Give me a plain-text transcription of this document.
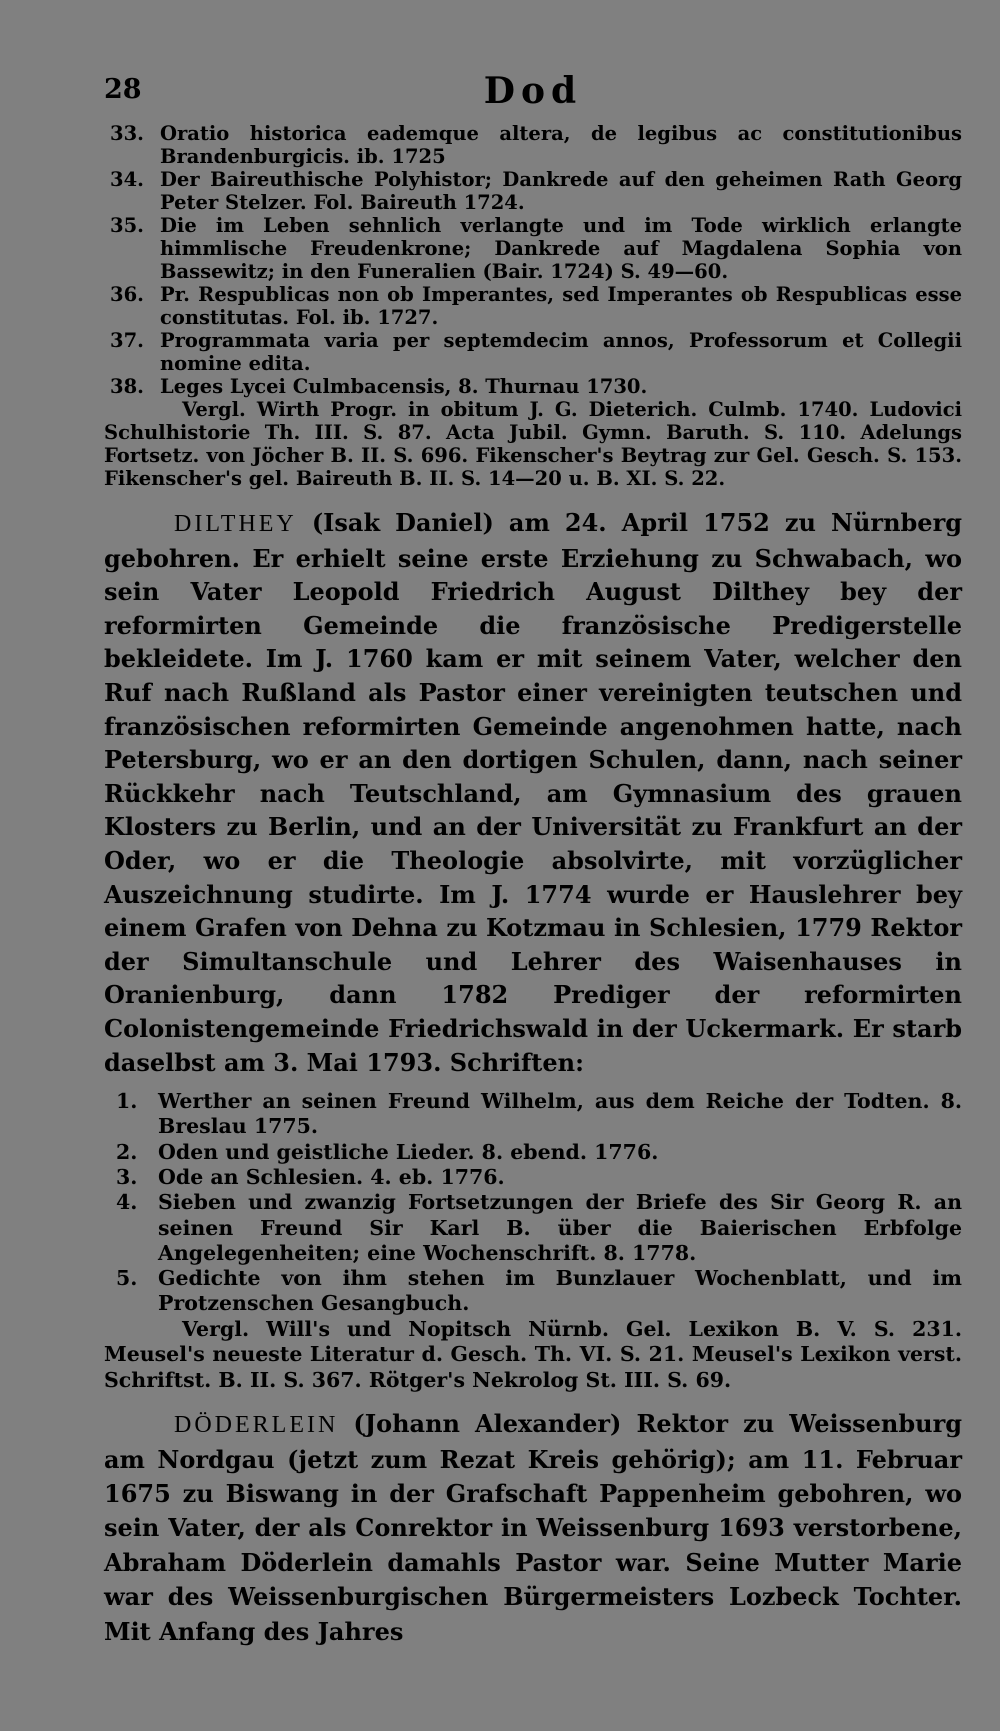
28	Dod
33. Oratio historica eademque altera, de legibus ac constitutionibus Brandenburgicis. ib. 1725
34. Der Baireuthische Polyhistor; Dankrede auf den geheimen Rath Georg Peter Stelzer. Fol. Baireuth 1724.
35. Die im Leben sehnlich verlangte und im Tode wirklich erlangte himmlische Freudenkrone; Dankrede auf Magdalena Sophia von Bassewitz; in den Funeralien (Bair. 1724) S. 49—60.
36. Pr. Respublicas non ob Imperantes, sed Imperantes ob Respublicas esse constitutas. Fol. ib. 1727.
37. Programmata varia per septemdecim annos, Professorum et Collegii nomine edita.
38. Leges Lycei Culmbacensis, 8. Thurnau 1730.

Vergl. Wirth Progr. in obitum J. G. Dieterich. Culmb. 1740. Ludovici Schulhistorie Th. III. S. 87. Acta Jubil. Gymn. Baruth. S. 110. Adelungs Fortsetz. von Jöcher B. II. S. 696. Fikenscher's Beytrag zur Gel. Gesch. S. 153. Fikenscher's gel. Baireuth B. II. S. 14—20 u. B. XI. S. 22.

DILTHEY (Isak Daniel) am 24. April 1752 zu Nürnberg gebohren. Er erhielt seine erste Erziehung zu Schwabach, wo sein Vater Leopold Friedrich August Dilthey bey der reformirten Gemeinde die französische Predigerstelle bekleidete. Im J. 1760 kam er mit seinem Vater, welcher den Ruf nach Rußland als Pastor einer vereinigten teutschen und französischen reformirten Gemeinde angenohmen hatte, nach Petersburg, wo er an den dortigen Schulen, dann, nach seiner Rückkehr nach Teutschland, am Gymnasium des grauen Klosters zu Berlin, und an der Universität zu Frankfurt an der Oder, wo er die Theologie absolvirte, mit vorzüglicher Auszeichnung studirte. Im J. 1774 wurde er Hauslehrer bey einem Grafen von Dehna zu Kotzmau in Schlesien, 1779 Rektor der Simultanschule und Lehrer des Waisenhauses in Oranienburg, dann 1782 Prediger der reformirten Colonistengemeinde Friedrichswald in der Uckermark. Er starb daselbst am 3. Mai 1793. Schriften:

1. Werther an seinen Freund Wilhelm, aus dem Reiche der Todten. 8. Breslau 1775.
2. Oden und geistliche Lieder. 8. ebend. 1776.
3. Ode an Schlesien. 4. eb. 1776.
4. Sieben und zwanzig Fortsetzungen der Briefe des Sir Georg R. an seinen Freund Sir Karl B. über die Baierischen Erbfolge Angelegenheiten; eine Wochenschrift. 8. 1778.
5. Gedichte von ihm stehen im Bunzlauer Wochenblatt, und im Protzenschen Gesangbuch.

Vergl. Will's und Nopitsch Nürnb. Gel. Lexikon B. V. S. 231. Meusel's neueste Literatur d. Gesch. Th. VI. S. 21. Meusel's Lexikon verst. Schriftst. B. II. S. 367. Rötger's Nekrolog St. III. S. 69.

DÖDERLEIN (Johann Alexander) Rektor zu Weissenburg am Nordgau (jetzt zum Rezat Kreis gehörig); am 11. Februar 1675 zu Biswang in der Grafschaft Pappenheim gebohren, wo sein Vater, der als Conrektor in Weissenburg 1693 verstorbene, Abraham Döderlein damahls Pastor war. Seine Mutter Marie war des Weissenburgischen Bürgermeisters Lozbeck Tochter. Mit Anfang des Jahres
